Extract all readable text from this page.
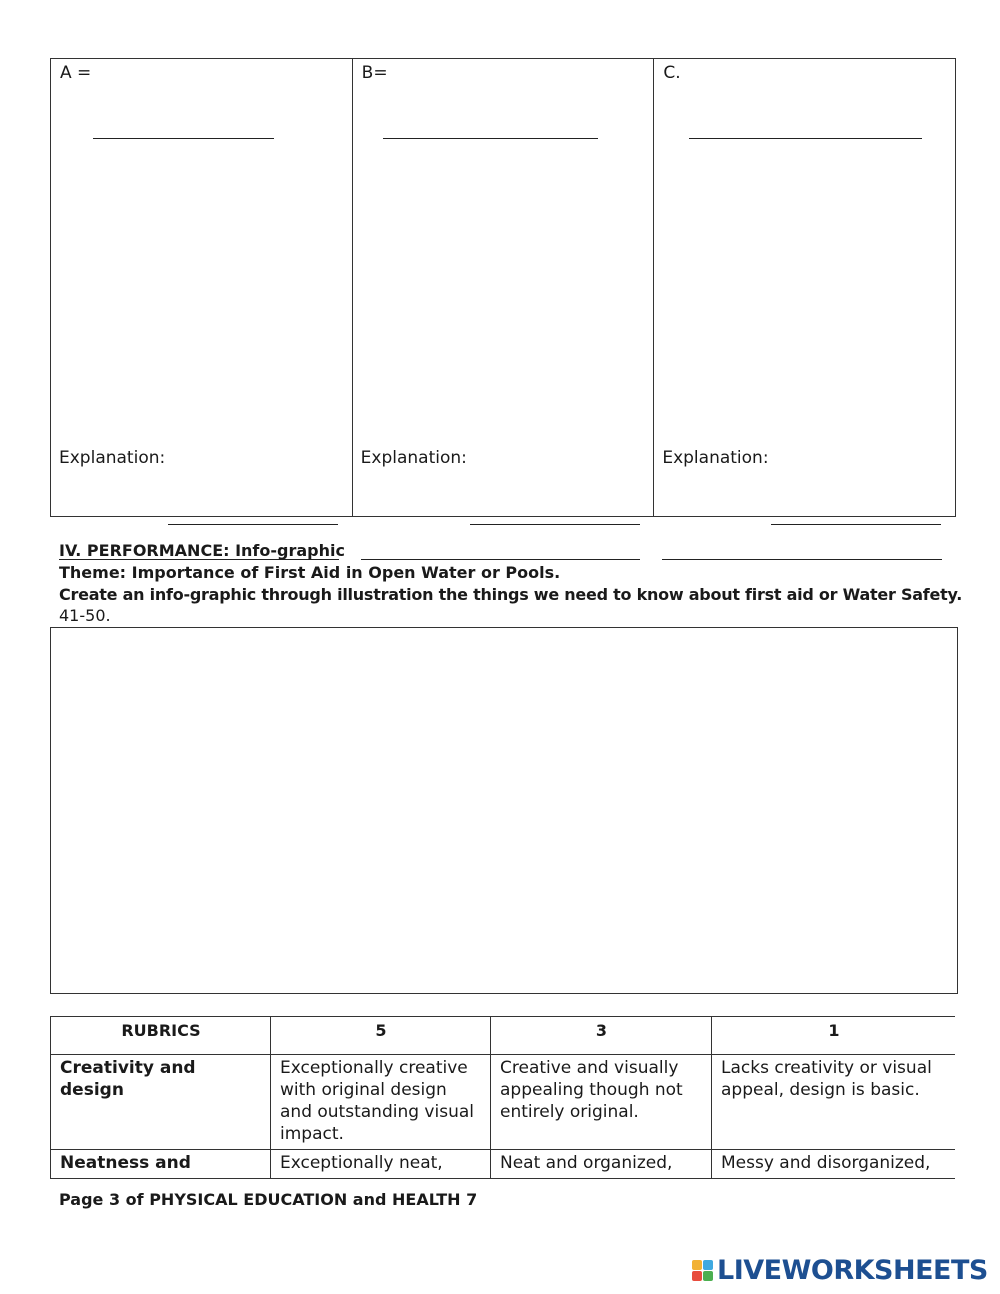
A =
Explanation:
B=
Explanation:
C.
Explanation:
IV. PERFORMANCE: Info-graphic
Theme: Importance of First Aid in Open Water or Pools.
Create an info-graphic through illustration the things we need to know about first aid or Water Safety.
41-50.
RUBRICS	5	3	1
Creativity and design	Exceptionally creative with original design and outstanding visual impact.	Creative and visually appealing though not entirely original.	Lacks creativity or visual appeal, design is basic.
Neatness and	Exceptionally neat,	Neat and organized,	Messy and disorganized,
Page 3 of PHYSICAL EDUCATION and HEALTH 7
LIVEWORKSHEETS
